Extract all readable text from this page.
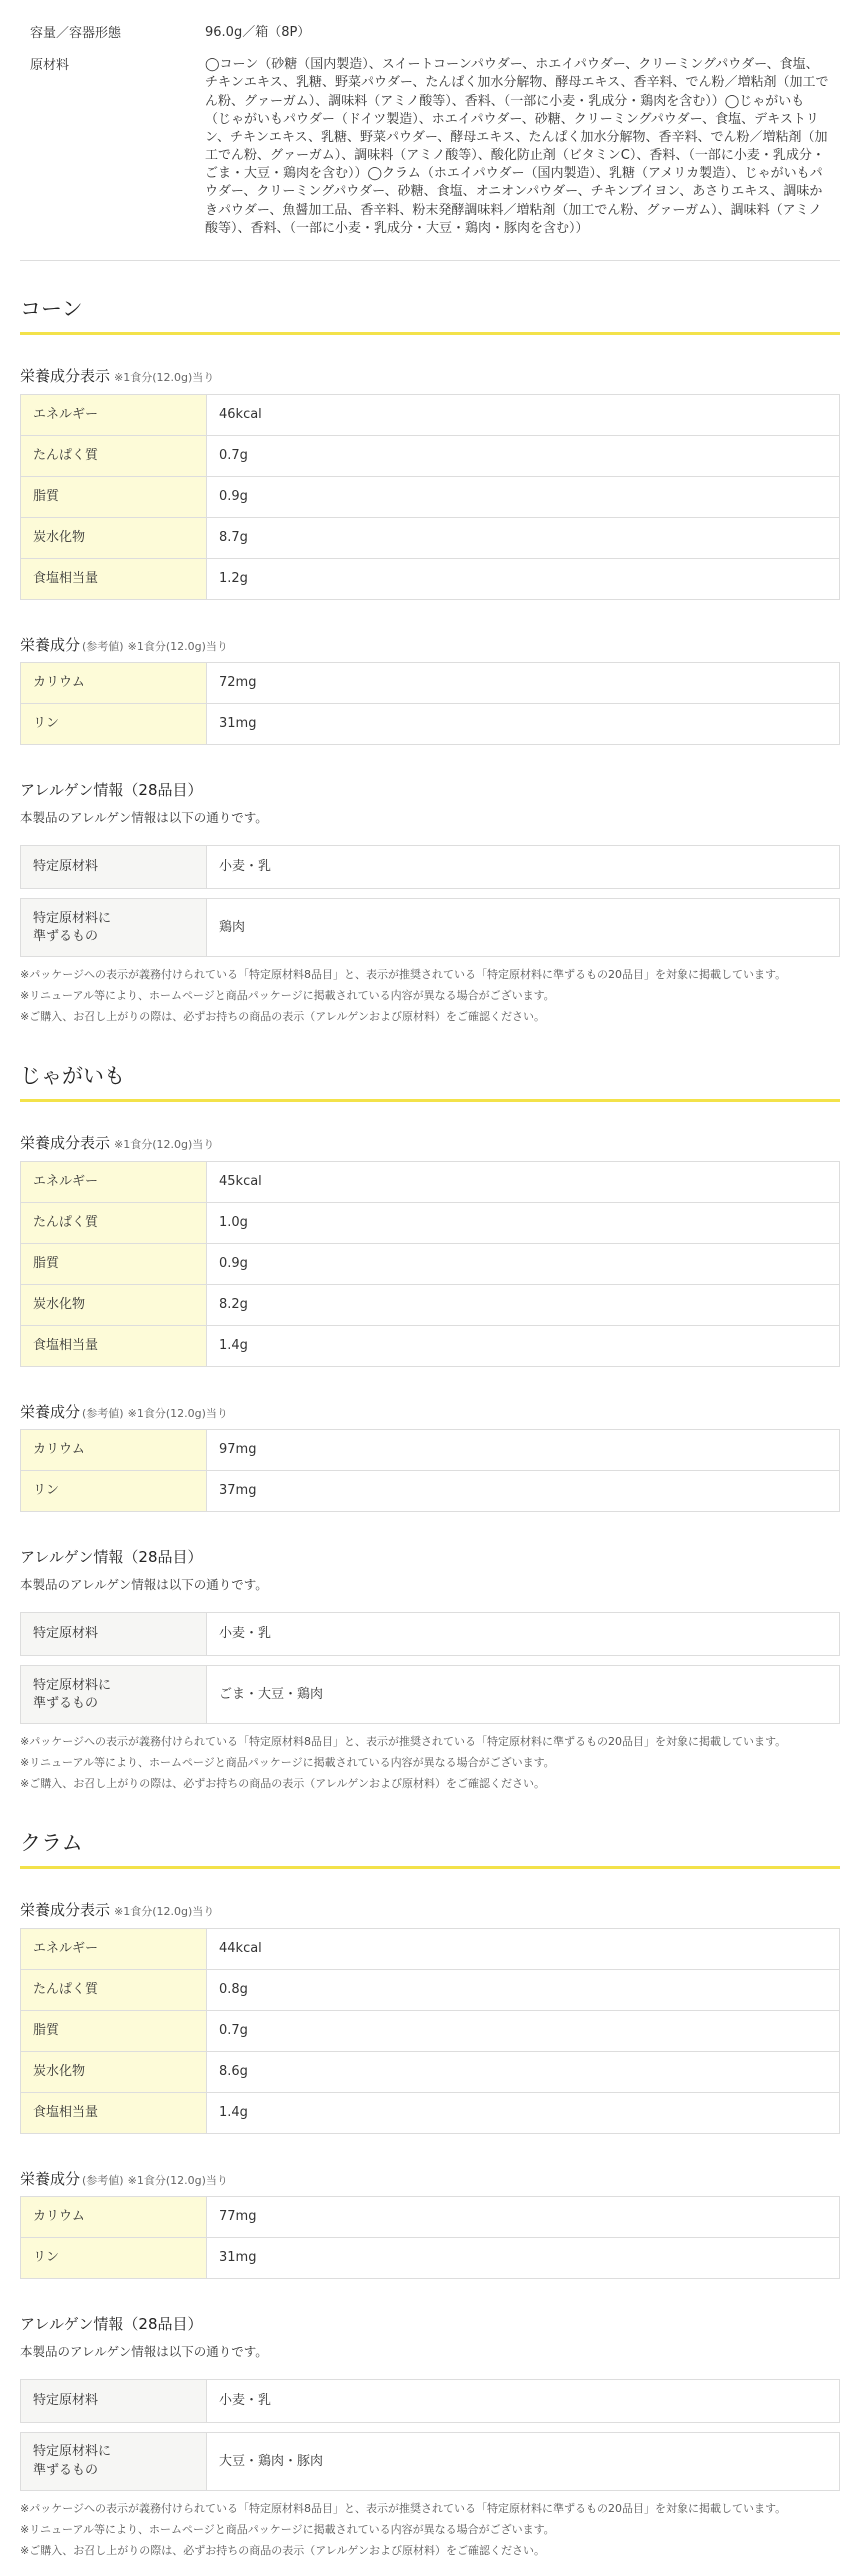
容量／容器形態	96.0g／箱（8P）
原材料	◯コーン（砂糖（国内製造）、スイートコーンパウダー、ホエイパウダー、クリーミングパウダー、食塩、チキンエキス、乳糖、野菜パウダー、たんぱく加水分解物、酵母エキス、香辛料、でん粉／増粘剤（加工でん粉、グァーガム）、調味料（アミノ酸等）、香料、（一部に小麦・乳成分・鶏肉を含む））◯じゃがいも（じゃがいもパウダー（ドイツ製造）、ホエイパウダー、砂糖、クリーミングパウダー、食塩、デキストリン、チキンエキス、乳糖、野菜パウダー、酵母エキス、たんぱく加水分解物、香辛料、でん粉／増粘剤（加工でん粉、グァーガム）、調味料（アミノ酸等）、酸化防止剤（ビタミンC）、香料、（一部に小麦・乳成分・ごま・大豆・鶏肉を含む））◯クラム（ホエイパウダー（国内製造）、乳糖（アメリカ製造）、じゃがいもパウダー、クリーミングパウダー、砂糖、食塩、オニオンパウダー、チキンブイヨン、あさりエキス、調味かきパウダー、魚醤加工品、香辛料、粉末発酵調味料／増粘剤（加工でん粉、グァーガム）、調味料（アミノ酸等）、香料、（一部に小麦・乳成分・大豆・鶏肉・豚肉を含む））
コーン
栄養成分表示 ※1食分(12.0g)当り
エネルギー	46kcal
たんぱく質	0.7g
脂質	0.9g
炭水化物	8.7g
食塩相当量	1.2g
栄養成分 (参考値) ※1食分(12.0g)当り
カリウム	72mg
リン	31mg
アレルゲン情報（28品目）

本製品のアレルゲン情報は以下の通りです。

特定原材料	小麦・乳

特定原材料に
準ずるもの	鶏肉

※パッケージへの表示が義務付けられている「特定原材料8品目」と、表示が推奨されている「特定原材料に準ずるもの20品目」を対象に掲載しています。

※リニューアル等により、ホームページと商品パッケージに掲載されている内容が異なる場合がございます。

※ご購入、お召し上がりの際は、必ずお持ちの商品の表示（アレルゲンおよび原材料）をご確認ください。

じゃがいも
栄養成分表示 ※1食分(12.0g)当り
エネルギー	45kcal
たんぱく質	1.0g
脂質	0.9g
炭水化物	8.2g
食塩相当量	1.4g
栄養成分 (参考値) ※1食分(12.0g)当り
カリウム	97mg
リン	37mg
アレルゲン情報（28品目）

本製品のアレルゲン情報は以下の通りです。

特定原材料	小麦・乳

特定原材料に
準ずるもの	ごま・大豆・鶏肉

※パッケージへの表示が義務付けられている「特定原材料8品目」と、表示が推奨されている「特定原材料に準ずるもの20品目」を対象に掲載しています。

※リニューアル等により、ホームページと商品パッケージに掲載されている内容が異なる場合がございます。

※ご購入、お召し上がりの際は、必ずお持ちの商品の表示（アレルゲンおよび原材料）をご確認ください。

クラム
栄養成分表示 ※1食分(12.0g)当り
エネルギー	44kcal
たんぱく質	0.8g
脂質	0.7g
炭水化物	8.6g
食塩相当量	1.4g
栄養成分 (参考値) ※1食分(12.0g)当り
カリウム	77mg
リン	31mg
アレルゲン情報（28品目）

本製品のアレルゲン情報は以下の通りです。

特定原材料	小麦・乳

特定原材料に
準ずるもの	大豆・鶏肉・豚肉

※パッケージへの表示が義務付けられている「特定原材料8品目」と、表示が推奨されている「特定原材料に準ずるもの20品目」を対象に掲載しています。

※リニューアル等により、ホームページと商品パッケージに掲載されている内容が異なる場合がございます。

※ご購入、お召し上がりの際は、必ずお持ちの商品の表示（アレルゲンおよび原材料）をご確認ください。
